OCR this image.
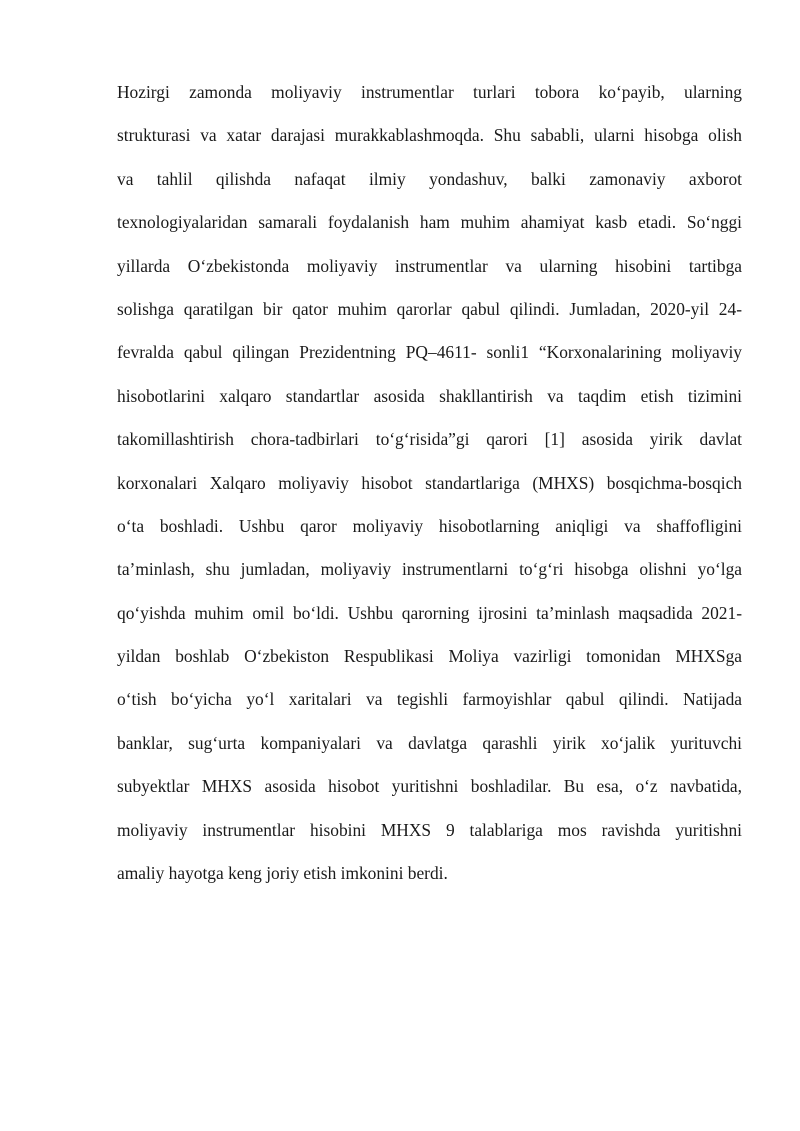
Hozirgi zamonda moliyaviy instrumentlar turlari tobora ko‘payib, ularning
strukturasi va xatar darajasi murakkablashmoqda. Shu sababli, ularni hisobga olish
va tahlil qilishda nafaqat ilmiy yondashuv, balki zamonaviy axborot
texnologiyalaridan samarali foydalanish ham muhim ahamiyat kasb etadi. So‘nggi
yillarda O‘zbekistonda moliyaviy instrumentlar va ularning hisobini tartibga
solishga qaratilgan bir qator muhim qarorlar qabul qilindi. Jumladan, 2020-yil 24-
fevralda qabul qilingan Prezidentning PQ–4611- sonli1 “Korxonalarining moliyaviy
hisobotlarini xalqaro standartlar asosida shakllantirish va taqdim etish tizimini
takomillashtirish chora-tadbirlari to‘g‘risida”gi qarori [1] asosida yirik davlat
korxonalari Xalqaro moliyaviy hisobot standartlariga (MHXS) bosqichma-bosqich
o‘ta boshladi. Ushbu qaror moliyaviy hisobotlarning aniqligi va shaffofligini
ta’minlash, shu jumladan, moliyaviy instrumentlarni to‘g‘ri hisobga olishni yo‘lga
qo‘yishda muhim omil bo‘ldi. Ushbu qarorning ijrosini ta’minlash maqsadida 2021-
yildan boshlab O‘zbekiston Respublikasi Moliya vazirligi tomonidan MHXSga
o‘tish bo‘yicha yo‘l xaritalari va tegishli farmoyishlar qabul qilindi. Natijada
banklar, sug‘urta kompaniyalari va davlatga qarashli yirik xo‘jalik yurituvchi
subyektlar MHXS asosida hisobot yuritishni boshladilar. Bu esa, o‘z navbatida,
moliyaviy instrumentlar hisobini MHXS 9 talablariga mos ravishda yuritishni
amaliy hayotga keng joriy etish imkonini berdi.
